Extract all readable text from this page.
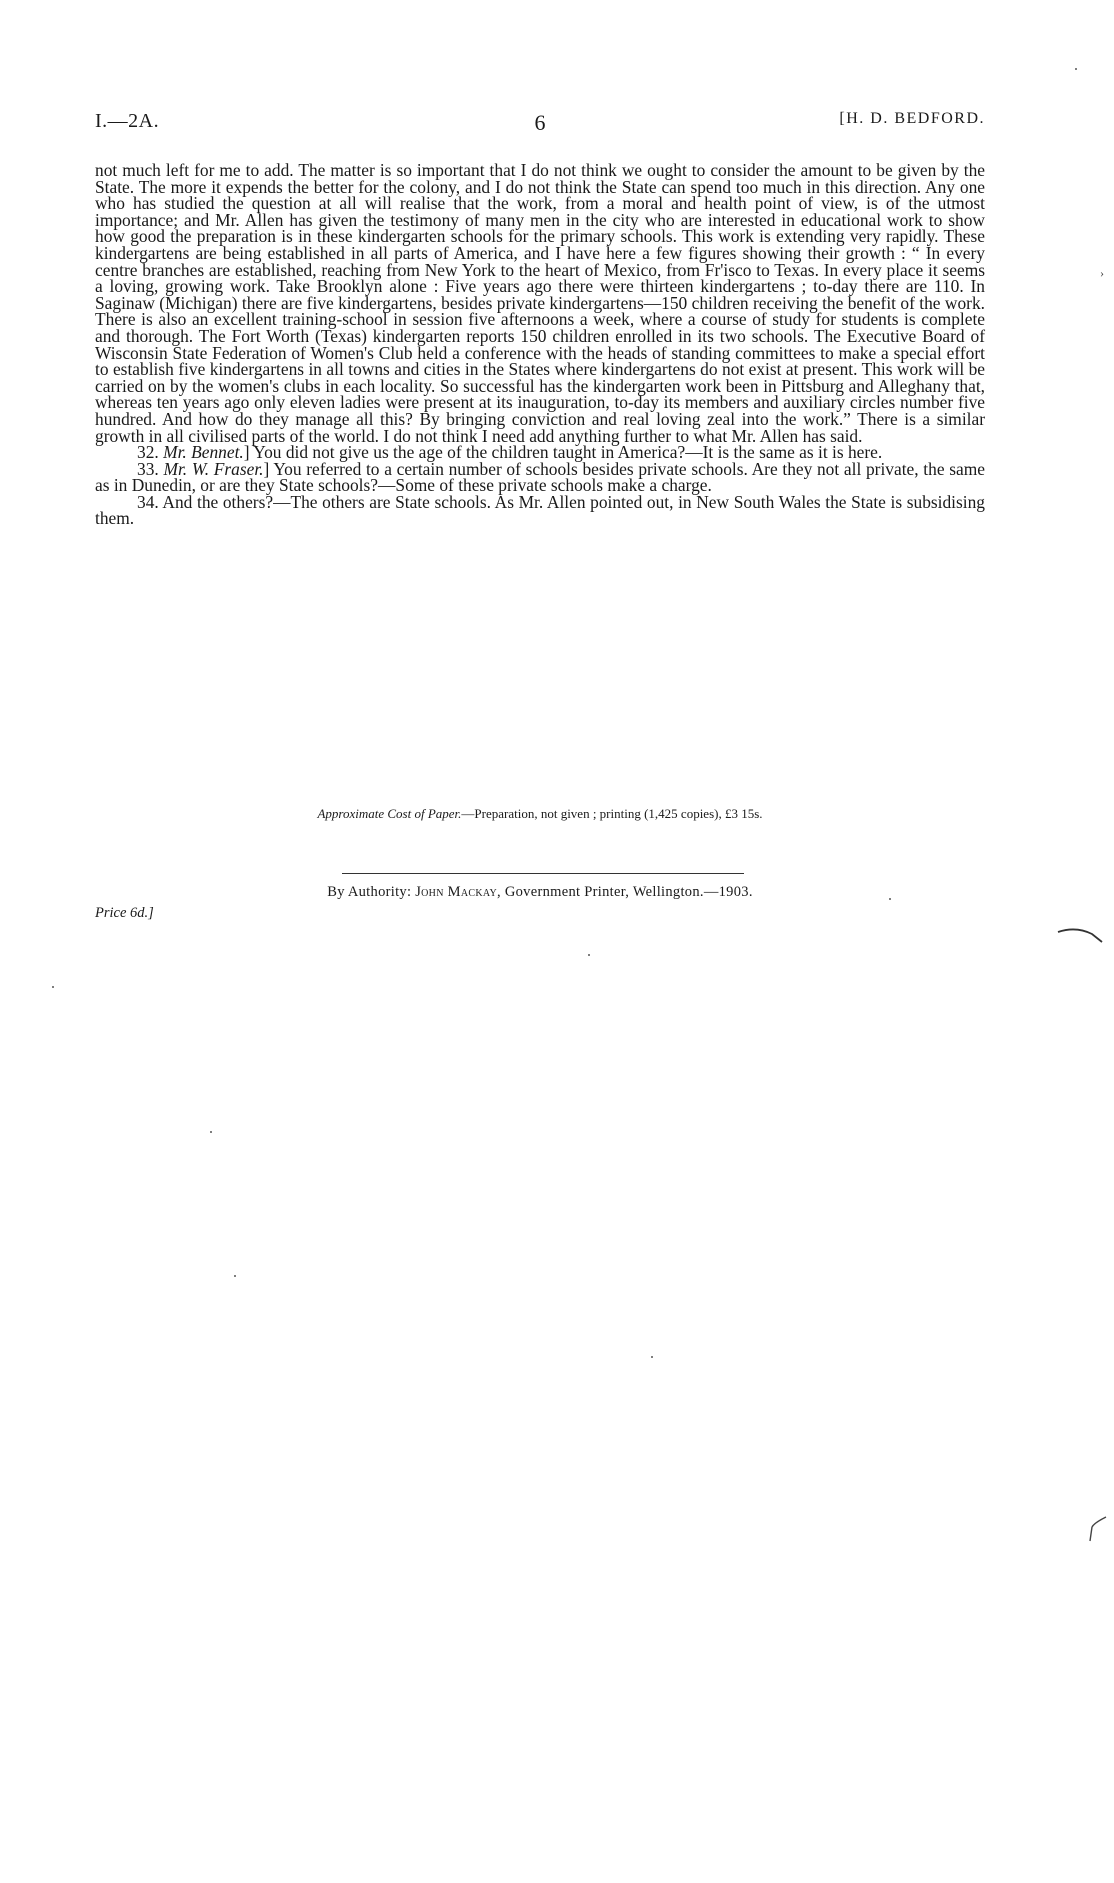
I.—2A.	6	[H. D. BEDFORD.

not much left for me to add. The matter is so important that I do not think we ought to consider the amount to be given by the State. The more it expends the better for the colony, and I do not think the State can spend too much in this direction. Any one who has studied the question at all will realise that the work, from a moral and health point of view, is of the utmost importance; and Mr. Allen has given the testimony of many men in the city who are interested in educational work to show how good the preparation is in these kindergarten schools for the primary schools. This work is extending very rapidly. These kindergartens are being established in all parts of America, and I have here a few figures showing their growth : “ In every centre branches are established, reaching from New York to the heart of Mexico, from Fr'isco to Texas. In every place it seems a loving, growing work. Take Brooklyn alone : Five years ago there were thirteen kindergartens ; to-day there are 110. In Saginaw (Michigan) there are five kindergartens, besides private kindergartens—150 children receiving the benefit of the work. There is also an excellent training-school in session five afternoons a week, where a course of study for students is complete and thorough. The Fort Worth (Texas) kindergarten reports 150 children enrolled in its two schools. The Executive Board of Wisconsin State Federation of Women's Club held a conference with the heads of standing committees to make a special effort to establish five kindergartens in all towns and cities in the States where kindergartens do not exist at present. This work will be carried on by the women's clubs in each locality. So successful has the kindergarten work been in Pittsburg and Alleghany that, whereas ten years ago only eleven ladies were present at its inauguration, to-day its members and auxiliary circles number five hundred. And how do they manage all this? By bringing conviction and real loving zeal into the work.” There is a similar growth in all civilised parts of the world. I do not think I need add anything further to what Mr. Allen has said.

32. Mr. Bennet.] You did not give us the age of the children taught in America?—It is the same as it is here.

33. Mr. W. Fraser.] You referred to a certain number of schools besides private schools. Are they not all private, the same as in Dunedin, or are they State schools?—Some of these private schools make a charge.

34. And the others?—The others are State schools. As Mr. Allen pointed out, in New South Wales the State is subsidising them.

Approximate Cost of Paper.—Preparation, not given ; printing (1,425 copies), £3 15s.
By Authority: John Mackay, Government Printer, Wellington.—1903.
Price 6d.]
›
